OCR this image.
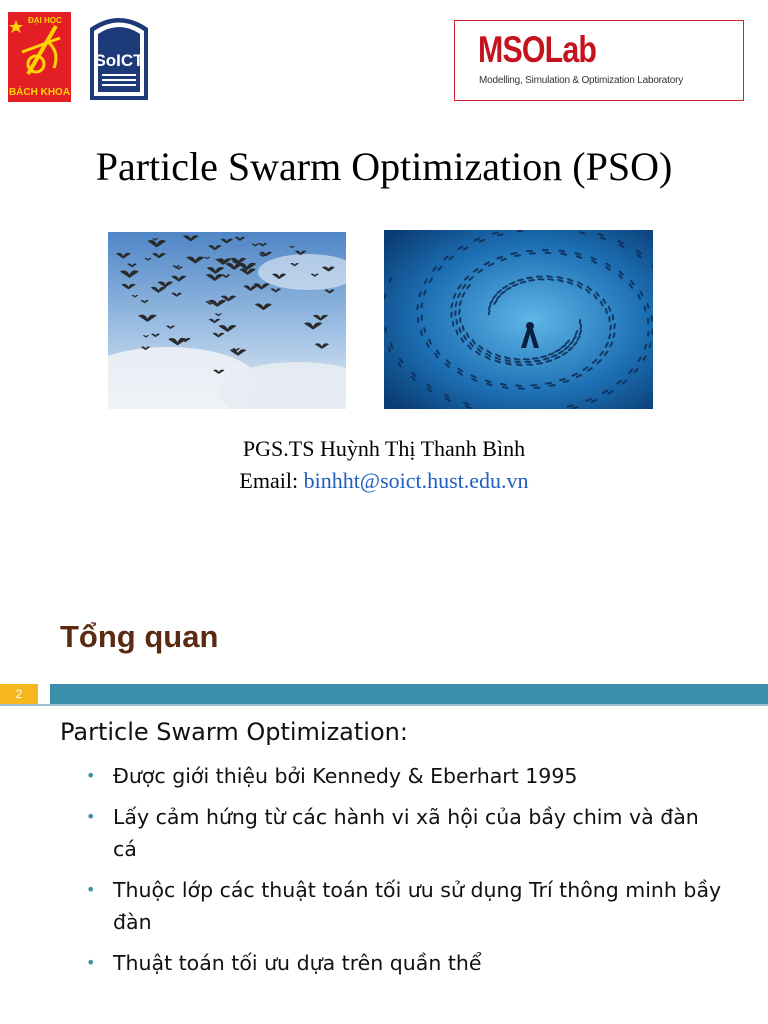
ĐẠI HỌC
BÁCH KHOA
SoICT	MSOLab
Modelling, Simulation & Optimization Laboratory
Particle Swarm Optimization (PSO)
PGS.TS Huỳnh Thị Thanh Bình
Email: binhht@soict.hust.edu.vn
Tổng quan
2
Particle Swarm Optimization:
• Được giới thiệu bởi Kennedy & Eberhart 1995
• Lấy cảm hứng từ các hành vi xã hội của bầy chim và đàn cá
• Thuộc lớp các thuật toán tối ưu sử dụng Trí thông minh bầy đàn
• Thuật toán tối ưu dựa trên quần thể
